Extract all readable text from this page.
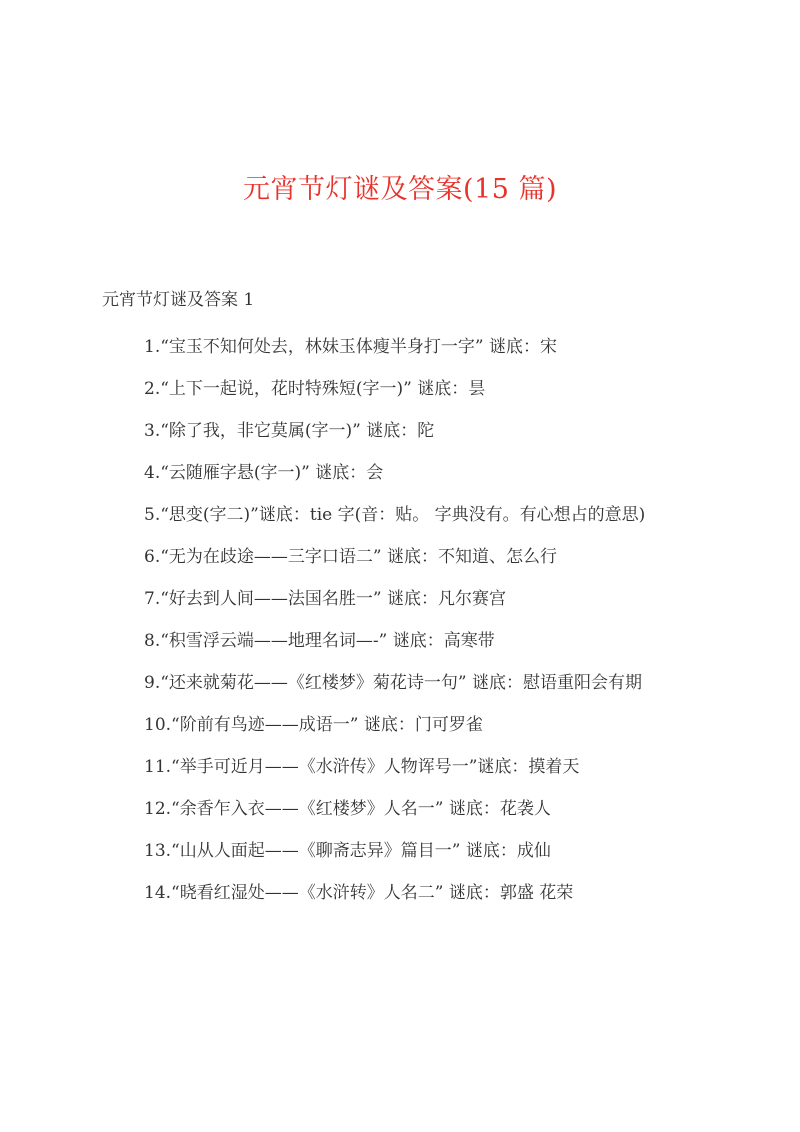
元宵节灯谜及答案(15 篇)
元宵节灯谜及答案 1
1.“宝玉不知何处去，林妹玉体瘦半身打一字” 谜底：宋
2.“上下一起说，花时特殊短(字一)” 谜底：昙
3.“除了我，非它莫属(字一)” 谜底：陀
4.“云随雁字悬(字一)” 谜底：会
5.“思变(字二)”谜底：tie 字(音：贴。 字典没有。有心想占的意思)
6.“无为在歧途——三字口语二” 谜底：不知道、怎么行
7.“好去到人间——法国名胜一” 谜底：凡尔赛宫
8.“积雪浮云端——地理名词—-” 谜底：高寒带
9.“还来就菊花——《红楼梦》菊花诗一句” 谜底：慰语重阳会有期
10.“阶前有鸟迹——成语一” 谜底：门可罗雀
11.“举手可近月——《水浒传》人物诨号一”谜底：摸着天
12.“余香乍入衣——《红楼梦》人名一” 谜底：花袭人
13.“山从人面起——《聊斋志异》篇目一” 谜底：成仙
14.“晓看红湿处——《水浒转》人名二” 谜底：郭盛 花荣
